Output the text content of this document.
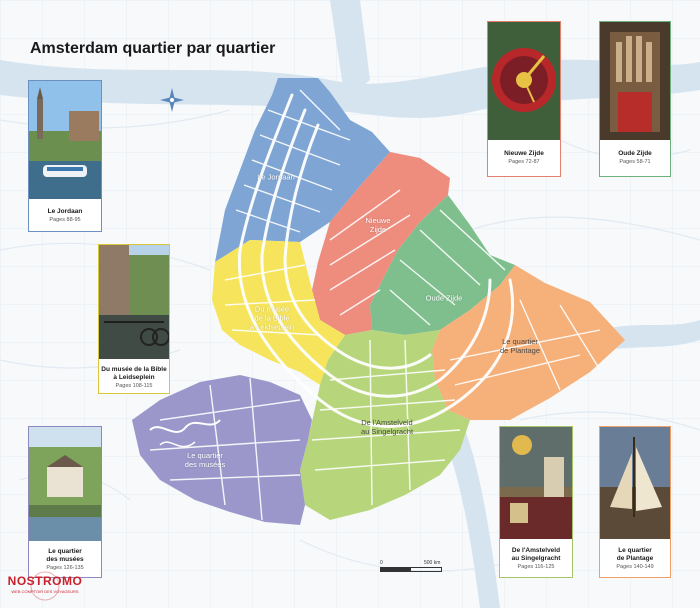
Amsterdam quartier par quartier
Le Jordaan
Nieuwe
Zijde
Oude Zijde
Du musée
de la Bible
à Leidseplein
Le quartier
de Plantage
De l'Amstelveld
au Singelgracht
Le quartier
des musées
Le Jordaan
Pages 88-95
Du musée de la Bible
à Leidseplein
Pages 108-115
Le quartier
des musées
Pages 126-135
Nieuwe Zijde
Pages 72-87
Oude Zijde
Pages 58-71
De l'Amstelveld
au Singelgracht
Pages 116-125
Le quartier
de Plantage
Pages 140-149
0	500 km
NOSTROMO
WEB COMPTOIR DES VOYAGEURS
